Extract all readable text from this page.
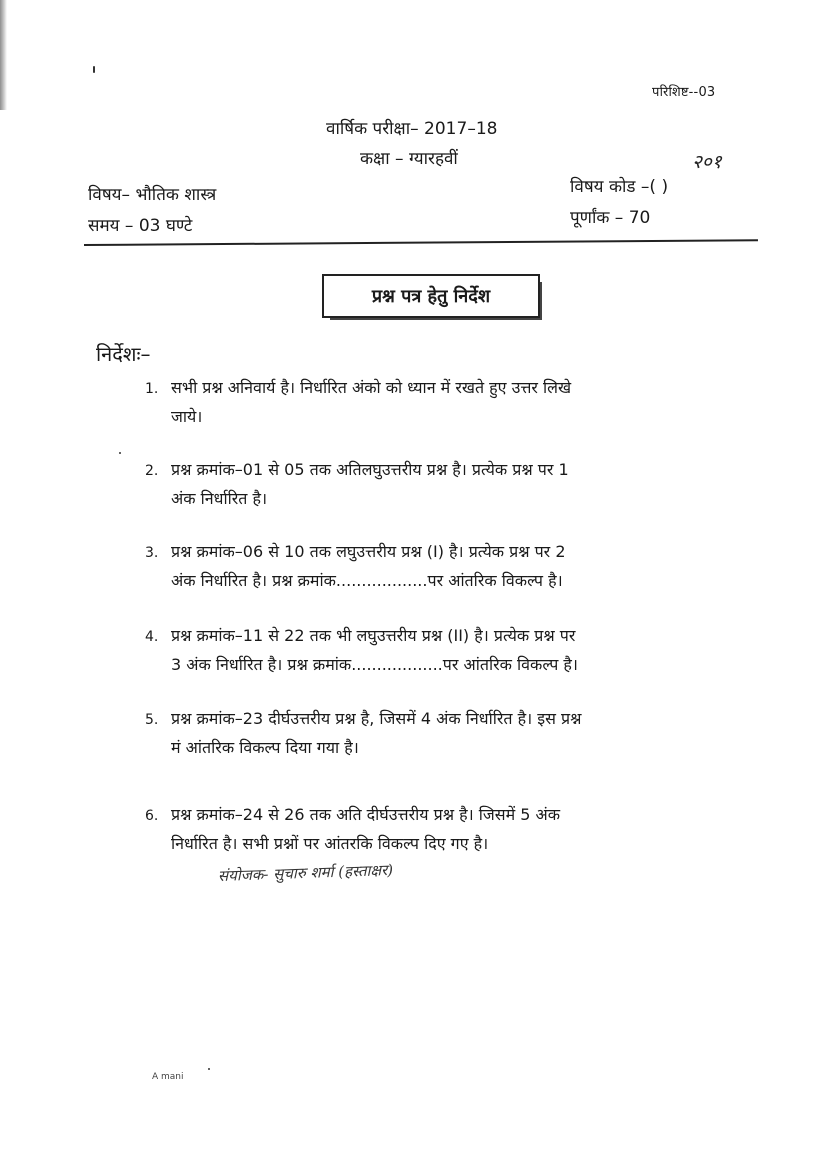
परिशिष्ट--03
वार्षिक परीक्षा– 2017–18
कक्षा – ग्यारहवीं	२०१
विषय– भौतिक शास्त्र
समय – 03 घण्टे
विषय कोड –( )
पूर्णांक – 70
प्रश्न पत्र हेतु निर्देश
निर्देशः–
1. सभी प्रश्न अनिवार्य है। निर्धारित अंको को ध्यान में रखते हुए उत्तर लिखे
जाये।
2. प्रश्न क्रमांक–01 से 05 तक अतिलघुउत्तरीय प्रश्न है। प्रत्येक प्रश्न पर 1
अंक निर्धारित है।
3. प्रश्न क्रमांक–06 से 10 तक लघुउत्तरीय प्रश्न (I) है। प्रत्येक प्रश्न पर 2
अंक निर्धारित है। प्रश्न क्रमांक..................पर आंतरिक विकल्प है।
4. प्रश्न क्रमांक–11 से 22 तक भी लघुउत्तरीय प्रश्न (II) है। प्रत्येक प्रश्न पर
3 अंक निर्धारित है। प्रश्न क्रमांक..................पर आंतरिक विकल्प है।
5. प्रश्न क्रमांक–23 दीर्घउत्तरीय प्रश्न है, जिसमें 4 अंक निर्धारित है। इस प्रश्न
मं आंतरिक विकल्प दिया गया है।
6. प्रश्न क्रमांक–24 से 26 तक अति दीर्घउत्तरीय प्रश्न है। जिसमें 5 अंक
निर्धारित है। सभी प्रश्नों पर आंतरकि विकल्प दिए गए है।
संयोजक- सुचारु शर्मा (हस्ताक्षर)
A mani
